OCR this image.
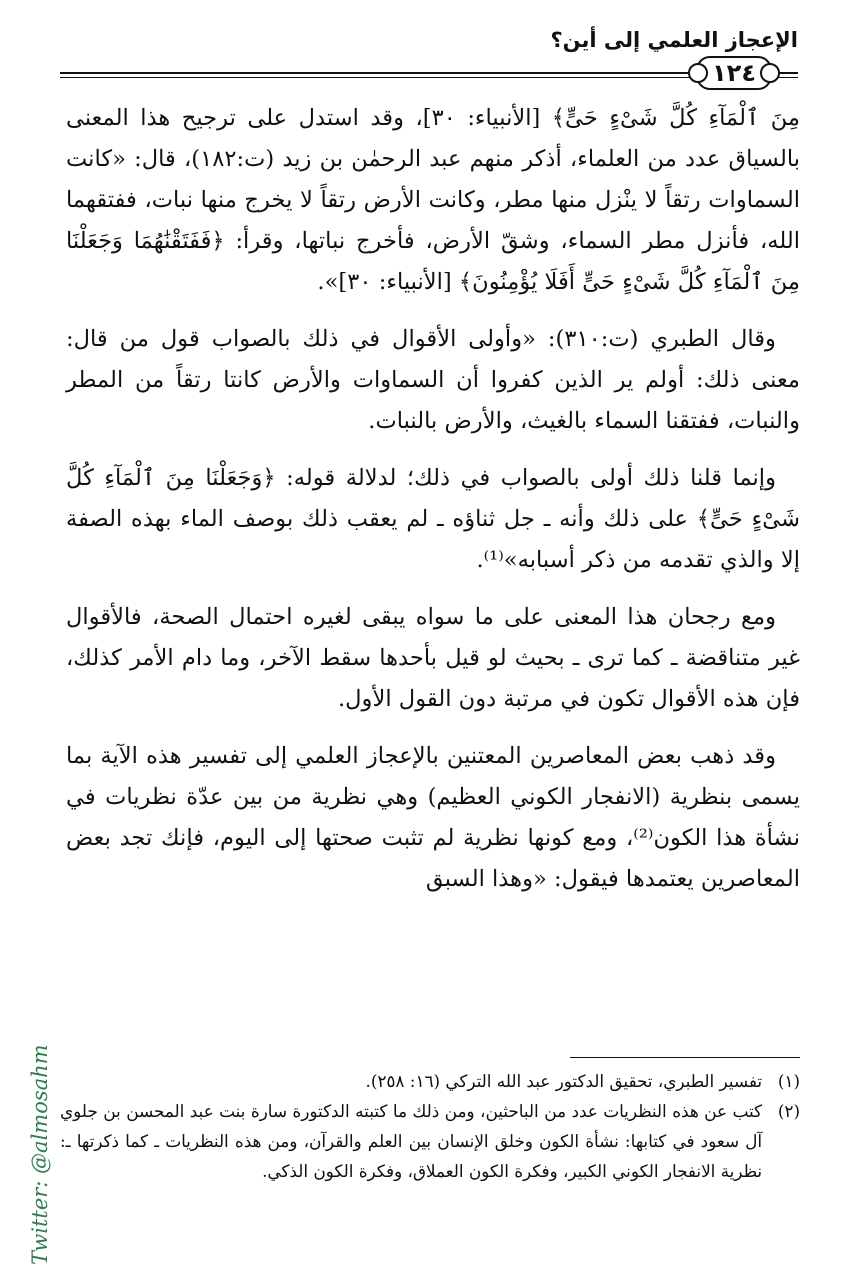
١٢٤
الإعجاز العلمي إلى أين؟

مِنَ ٱلْمَآءِ كُلَّ شَىْءٍ حَىٍّ﴾ [الأنبياء: ٣٠]، وقد استدل على ترجيح هذا المعنى بالسياق عدد من العلماء، أذكر منهم عبد الرحمٰن بن زيد (ت:١٨٢)، قال: «كانت السماوات رتقاً لا ينْزل منها مطر، وكانت الأرض رتقاً لا يخرج منها نبات، ففتقهما الله، فأنزل مطر السماء، وشقّ الأرض، فأخرج نباتها، وقرأ: ﴿فَفَتَقْنَٰهُمَا وَجَعَلْنَا مِنَ ٱلْمَآءِ كُلَّ شَىْءٍ حَىٍّ أَفَلَا يُؤْمِنُونَ﴾ [الأنبياء: ٣٠]».

وقال الطبري (ت:٣١٠): «وأولى الأقوال في ذلك بالصواب قول من قال: معنى ذلك: أولم ير الذين كفروا أن السماوات والأرض كانتا رتقاً من المطر والنبات، ففتقنا السماء بالغيث، والأرض بالنبات.

وإنما قلنا ذلك أولى بالصواب في ذلك؛ لدلالة قوله: ﴿وَجَعَلْنَا مِنَ ٱلْمَآءِ كُلَّ شَىْءٍ حَىٍّ﴾ على ذلك وأنه ـ جل ثناؤه ـ لم يعقب ذلك بوصف الماء بهذه الصفة إلا والذي تقدمه من ذكر أسبابه»⁽¹⁾.

ومع رجحان هذا المعنى على ما سواه يبقى لغيره احتمال الصحة، فالأقوال غير متناقضة ـ كما ترى ـ بحيث لو قيل بأحدها سقط الآخر، وما دام الأمر كذلك، فإن هذه الأقوال تكون في مرتبة دون القول الأول.

وقد ذهب بعض المعاصرين المعتنين بالإعجاز العلمي إلى تفسير هذه الآية بما يسمى بنظرية (الانفجار الكوني العظيم) وهي نظرية من بين عدّة نظريات في نشأة هذا الكون⁽²⁾، ومع كونها نظرية لم تثبت صحتها إلى اليوم، فإنك تجد بعض المعاصرين يعتمدها فيقول: «وهذا السبق

(١)
تفسير الطبري، تحقيق الدكتور عبد الله التركي (١٦: ٢٥٨).
(٢)
كتب عن هذه النظريات عدد من الباحثين، ومن ذلك ما كتبته الدكتورة سارة بنت عبد المحسن بن جلوي آل سعود في كتابها: نشأة الكون وخلق الإنسان بين العلم والقرآن، ومن هذه النظريات ـ كما ذكرتها ـ: نظرية الانفجار الكوني الكبير، وفكرة الكون العملاق، وفكرة الكون الذكي.
Twitter: @almosahm
